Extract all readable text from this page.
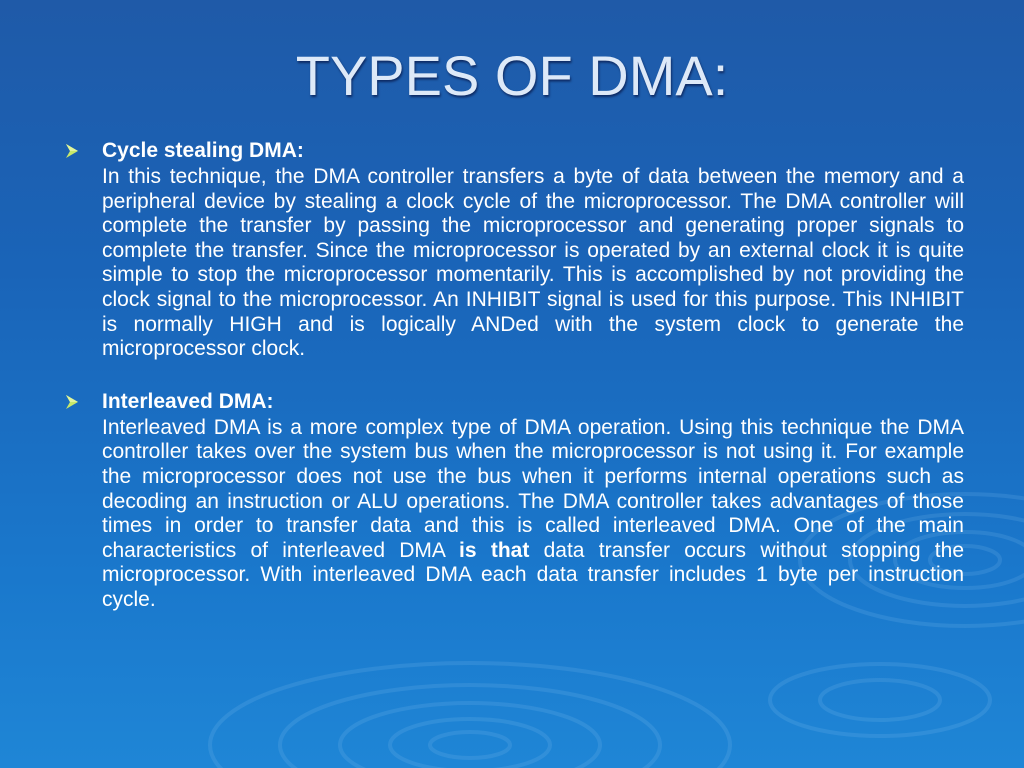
TYPES OF DMA:
Cycle stealing DMA:

In this technique, the DMA controller transfers a byte of data between the memory and a peripheral device by stealing a clock cycle of the microprocessor. The DMA controller will complete the transfer by passing the microprocessor and generating proper signals to complete the transfer. Since the microprocessor is operated by an external clock it is quite simple to stop the microprocessor momentarily. This is accomplished by not providing the clock signal to the microprocessor. An INHIBIT signal is used for this purpose. This INHIBIT is normally HIGH and is logically ANDed with the system clock to generate the microprocessor clock.

Interleaved DMA:

Interleaved DMA is a more complex type of DMA operation. Using this technique the DMA controller takes over the system bus when the microprocessor is not using it. For example the microprocessor does not use the bus when it performs internal operations such as decoding an instruction or ALU operations. The DMA controller takes advantages of those times in order to transfer data and this is called interleaved DMA. One of the main characteristics of interleaved DMA is that data transfer occurs without stopping the microprocessor. With interleaved DMA each data transfer includes 1 byte per instruction cycle.
